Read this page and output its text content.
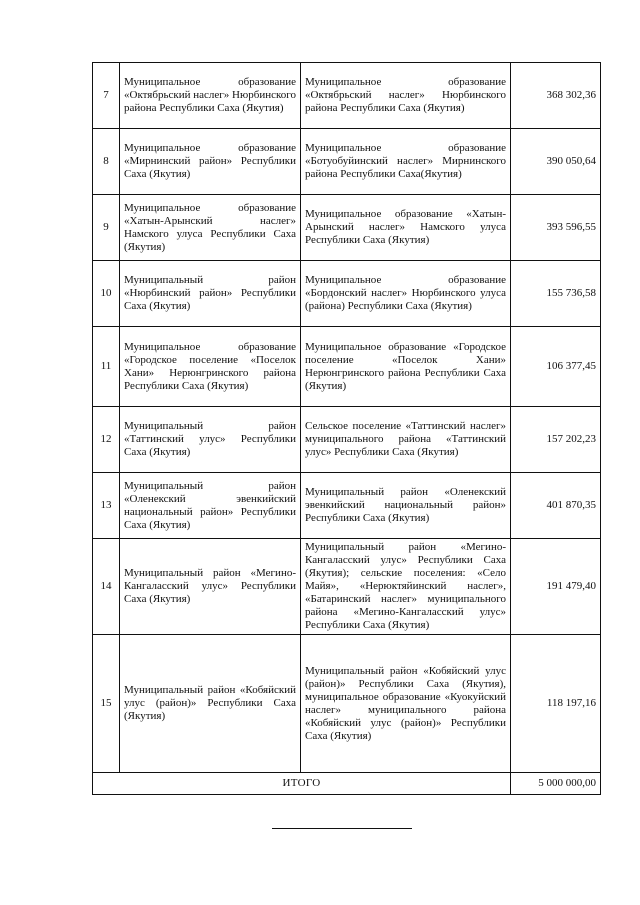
7	Муниципальное образование «Октябрьский наслег» Нюрбинского района Республики Саха (Якутия)	Муниципальное образование «Октябрьский наслег» Нюрбинского района Республики Саха (Якутия)	368 302,36
8	Муниципальное образование «Мирнинский район» Республики Саха (Якутия)	Муниципальное образование «Ботуобуйинский наслег» Мирнинского района Республики Саха(Якутия)	390 050,64
9	Муниципальное образование «Хатын-Арынский наслег» Намского улуса Республики Саха (Якутия)	Муниципальное образование «Хатын-Арынский наслег» Намского улуса Республики Саха (Якутия)	393 596,55
10	Муниципальный район «Нюрбинский район» Республики Саха (Якутия)	Муниципальное образование «Бордонский наслег» Нюрбинского улуса (района) Республики Саха (Якутия)	155 736,58
11	Муниципальное образование «Городское поселение «Поселок Хани» Нерюнгринского района Республики Саха (Якутия)	Муниципальное образование «Городское поселение «Поселок Хани» Нерюнгринского района Республики Саха (Якутия)	106 377,45
12	Муниципальный район «Таттинский улус» Республики Саха (Якутия)	Сельское поселение «Таттинский наслег» муниципального района «Таттинский улус» Республики Саха (Якутия)	157 202,23
13	Муниципальный район «Оленекский эвенкийский национальный район» Республики Саха (Якутия)	Муниципальный район «Оленекский эвенкийский национальный район» Республики Саха (Якутия)	401 870,35
14	Муниципальный район «Мегино-Кангаласский улус» Республики Саха (Якутия)	Муниципальный район «Мегино-Кангаласский улус» Республики Саха (Якутия); сельские поселения: «Село Майя», «Нерюктяйинский наслег», «Батаринский наслег» муниципального района «Мегино-Кангаласский улус» Республики Саха (Якутия)	191 479,40
15	Муниципальный район «Кобяйский улус (район)» Республики Саха (Якутия)	Муниципальный район «Кобяйский улус (район)» Республики Саха (Якутия), муниципальное образование «Куокуйский наслег» муниципального района «Кобяйский улус (район)» Республики Саха (Якутия)	118 197,16
ИТОГО			5 000 000,00
